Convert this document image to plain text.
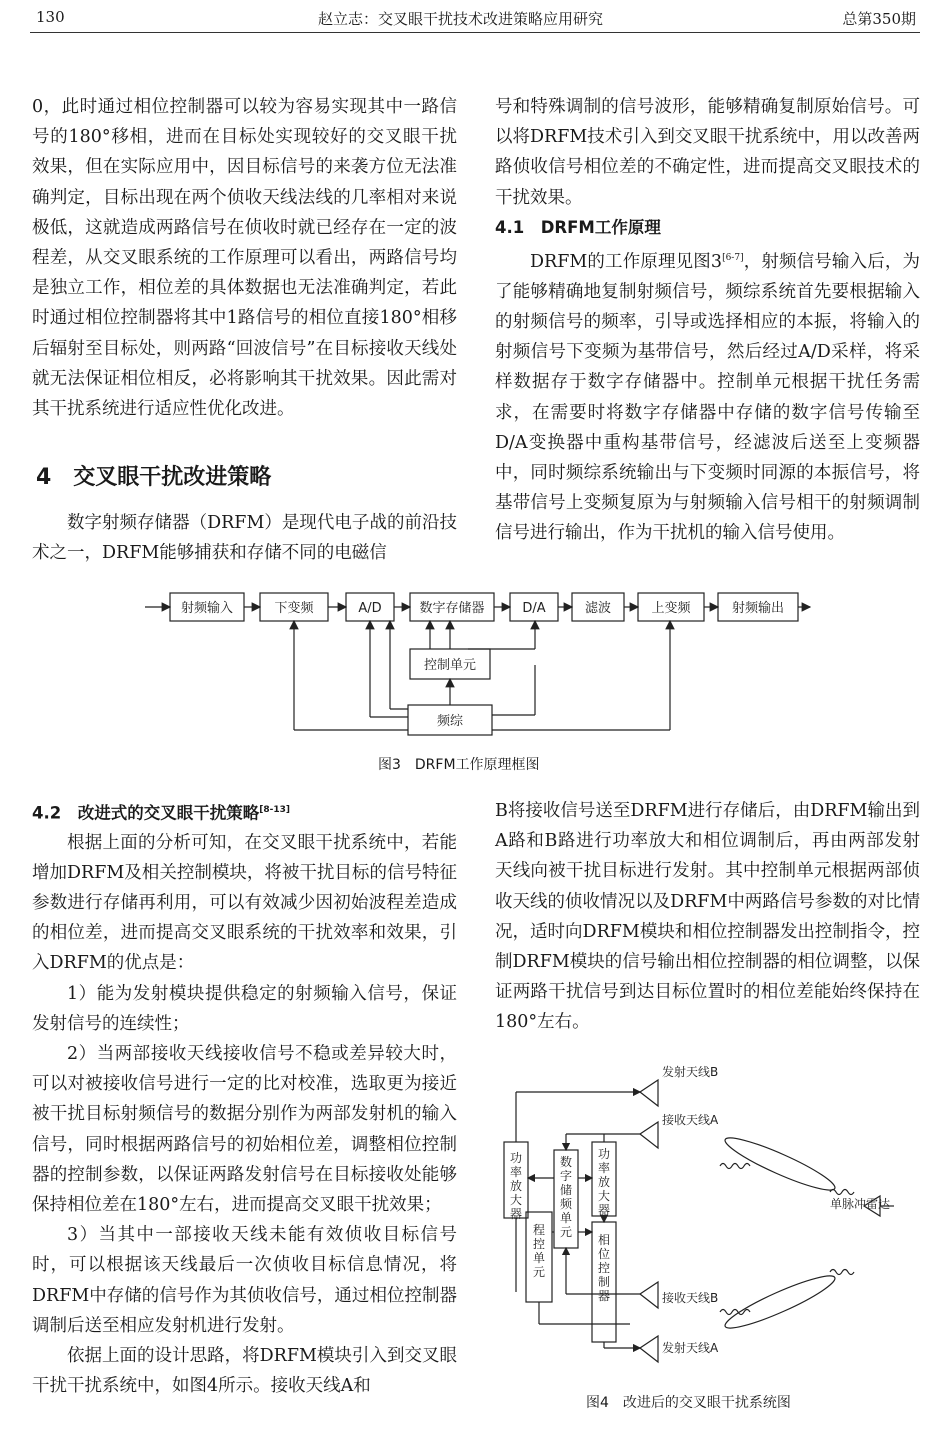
130	赵立志：交叉眼干扰技术改进策略应用研究	总第350期

0，此时通过相位控制器可以较为容易实现其中一路信号的180°移相，进而在目标处实现较好的交叉眼干扰效果，但在实际应用中，因目标信号的来袭方位无法准确判定，目标出现在两个侦收天线法线的几率相对来说极低，这就造成两路信号在侦收时就已经存在一定的波程差，从交叉眼系统的工作原理可以看出，两路信号均是独立工作，相位差的具体数据也无法准确判定，若此时通过相位控制器将其中1路信号的相位直接180°相移后辐射至目标处，则两路“回波信号”在目标接收天线处就无法保证相位相反，必将影响其干扰效果。因此需对其干扰系统进行适应性优化改进。

4　交叉眼干扰改进策略

数字射频存储器（DRFM）是现代电子战的前沿技术之一，DRFM能够捕获和存储不同的电磁信

号和特殊调制的信号波形，能够精确复制原始信号。可以将DRFM技术引入到交叉眼干扰系统中，用以改善两路侦收信号相位差的不确定性，进而提高交叉眼技术的干扰效果。

4.1　DRFM工作原理

DRFM的工作原理见图3[6-7]，射频信号输入后，为了能够精确地复制射频信号，频综系统首先要根据输入的射频信号的频率，引导或选择相应的本振，将输入的射频信号下变频为基带信号，然后经过A/D采样，将采样数据存于数字存储器中。控制单元根据干扰任务需求，在需要时将数字存储器中存储的数字信号传输至D/A变换器中重构基带信号，经滤波后送至上变频器中，同时频综系统输出与下变频时同源的本振信号，将基带信号上变频复原为与射频输入信号相干的射频调制信号进行输出，作为干扰机的输入信号使用。

射频输入	下变频	A/D	数字存储器	D/A	滤波	上变频	射频输出
控制单元
频综
图3　DRFM工作原理框图

4.2　改进式的交叉眼干扰策略[8-13]

根据上面的分析可知，在交叉眼干扰系统中，若能增加DRFM及相关控制模块，将被干扰目标的信号特征参数进行存储再利用，可以有效减少因初始波程差造成的相位差，进而提高交叉眼系统的干扰效率和效果，引入DRFM的优点是：

1）能为发射模块提供稳定的射频输入信号，保证发射信号的连续性；

2）当两部接收天线接收信号不稳或差异较大时，可以对被接收信号进行一定的比对校准，选取更为接近被干扰目标射频信号的数据分别作为两部发射机的输入信号，同时根据两路信号的初始相位差，调整相位控制器的控制参数，以保证两路发射信号在目标接收处能够保持相位差在180°左右，进而提高交叉眼干扰效果；

3）当其中一部接收天线未能有效侦收目标信号时，可以根据该天线最后一次侦收目标信息情况，将DRFM中存储的信号作为其侦收信号，通过相位控制器调制后送至相应发射机进行发射。

依据上面的设计思路，将DRFM模块引入到交叉眼干扰干扰系统中，如图4所示。接收天线A和

B将接收信号送至DRFM进行存储后，由DRFM输出到A路和B路进行功率放大和相位调制后，再由两部发射天线向被干扰目标进行发射。其中控制单元根据两部侦收天线的侦收情况以及DRFM中两路信号参数的对比情况，适时向DRFM模块和相位控制器发出控制指令，控制DRFM模块的信号输出相位控制器的相位调整，以保证两路干扰信号到达目标位置时的相位差能始终保持在180°左右。

发射天线B
接收天线A
单脉冲雷达
接收天线B
发射天线A
功率放大器
数字储频单元
功率放大器
程控单元
相位控制器
图4　改进后的交叉眼干扰系统图
